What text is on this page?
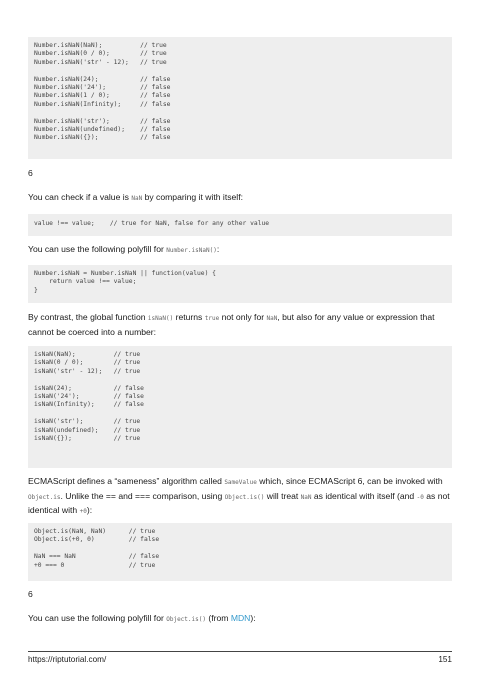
Number.isNaN(NaN);          // true
Number.isNaN(0 / 0);        // true
Number.isNaN('str' - 12);   // true
Number.isNaN(24);           // false
Number.isNaN('24');         // false
Number.isNaN(1 / 0);        // false
Number.isNaN(Infinity);     // false
Number.isNaN('str');        // false
Number.isNaN(undefined);    // false
Number.isNaN({});           // false
6
You can check if a value is NaN by comparing it with itself:
value !== value;    // true for NaN, false for any other value
You can use the following polyfill for Number.isNaN():
Number.isNaN = Number.isNaN || function(value) {
return value !== value;
}
By contrast, the global function isNaN() returns true not only for NaN, but also for any value or expression that cannot be coerced into a number:
isNaN(NaN);          // true
isNaN(0 / 0);        // true
isNaN('str' - 12);   // true
isNaN(24);           // false
isNaN('24');         // false
isNaN(Infinity);     // false
isNaN('str');        // true
isNaN(undefined);    // true
isNaN({});           // true
ECMAScript defines a “sameness” algorithm called SameValue which, since ECMAScript 6, can be invoked with Object.is. Unlike the == and === comparison, using Object.is() will treat NaN as identical with itself (and -0 as not identical with +0):
Object.is(NaN, NaN)      // true
Object.is(+0, 0)         // false
NaN === NaN              // false
+0 === 0                 // true
6
You can use the following polyfill for Object.is() (from MDN):
https://riptutorial.com/	151
